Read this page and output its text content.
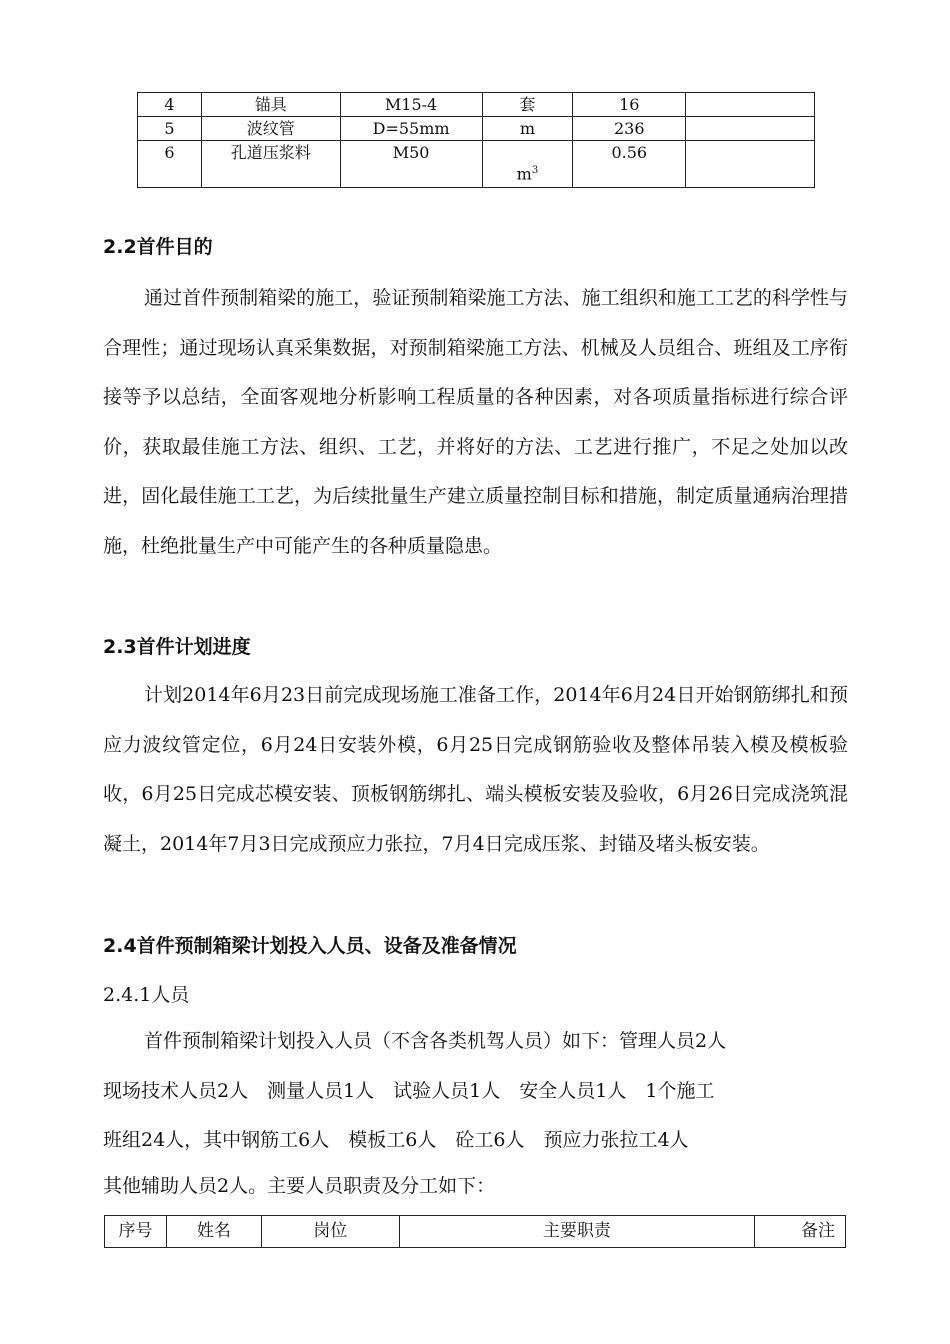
4	锚具	M15-4	套	16	
5	波纹管	D=55mm	m	236	
6	孔道压浆料	M50	$m^3$	0.56	
2.2首件目的

通过首件预制箱梁的施工，验证预制箱梁施工方法、施工组织和施工工艺的科学性与合理性；通过现场认真采集数据，对预制箱梁施工方法、机械及人员组合、班组及工序衔接等予以总结，全面客观地分析影响工程质量的各种因素，对各项质量指标进行综合评价，获取最佳施工方法、组织、工艺，并将好的方法、工艺进行推广，不足之处加以改进，固化最佳施工工艺，为后续批量生产建立质量控制目标和措施，制定质量通病治理措施，杜绝批量生产中可能产生的各种质量隐患。

2.3首件计划进度

计划2014年6月23日前完成现场施工准备工作，2014年6月24日开始钢筋绑扎和预应力波纹管定位，6月24日安装外模，6月25日完成钢筋验收及整体吊装入模及模板验收，6月25日完成芯模安装、顶板钢筋绑扎、端头模板安装及验收，6月26日完成浇筑混凝土，2014年7月3日完成预应力张拉，7月4日完成压浆、封锚及堵头板安装。

2.4首件预制箱梁计划投入人员、设备及准备情况
2.4.1人员
首件预制箱梁计划投入人员（不含各类机驾人员）如下：管理人员2人
现场技术人员2人　测量人员1人　试验人员1人　安全人员1人　1个施工
班组24人，其中钢筋工6人　模板工6人　砼工6人　预应力张拉工4人
其他辅助人员2人。主要人员职责及分工如下：
序号	姓名	岗位	主要职责	备注
